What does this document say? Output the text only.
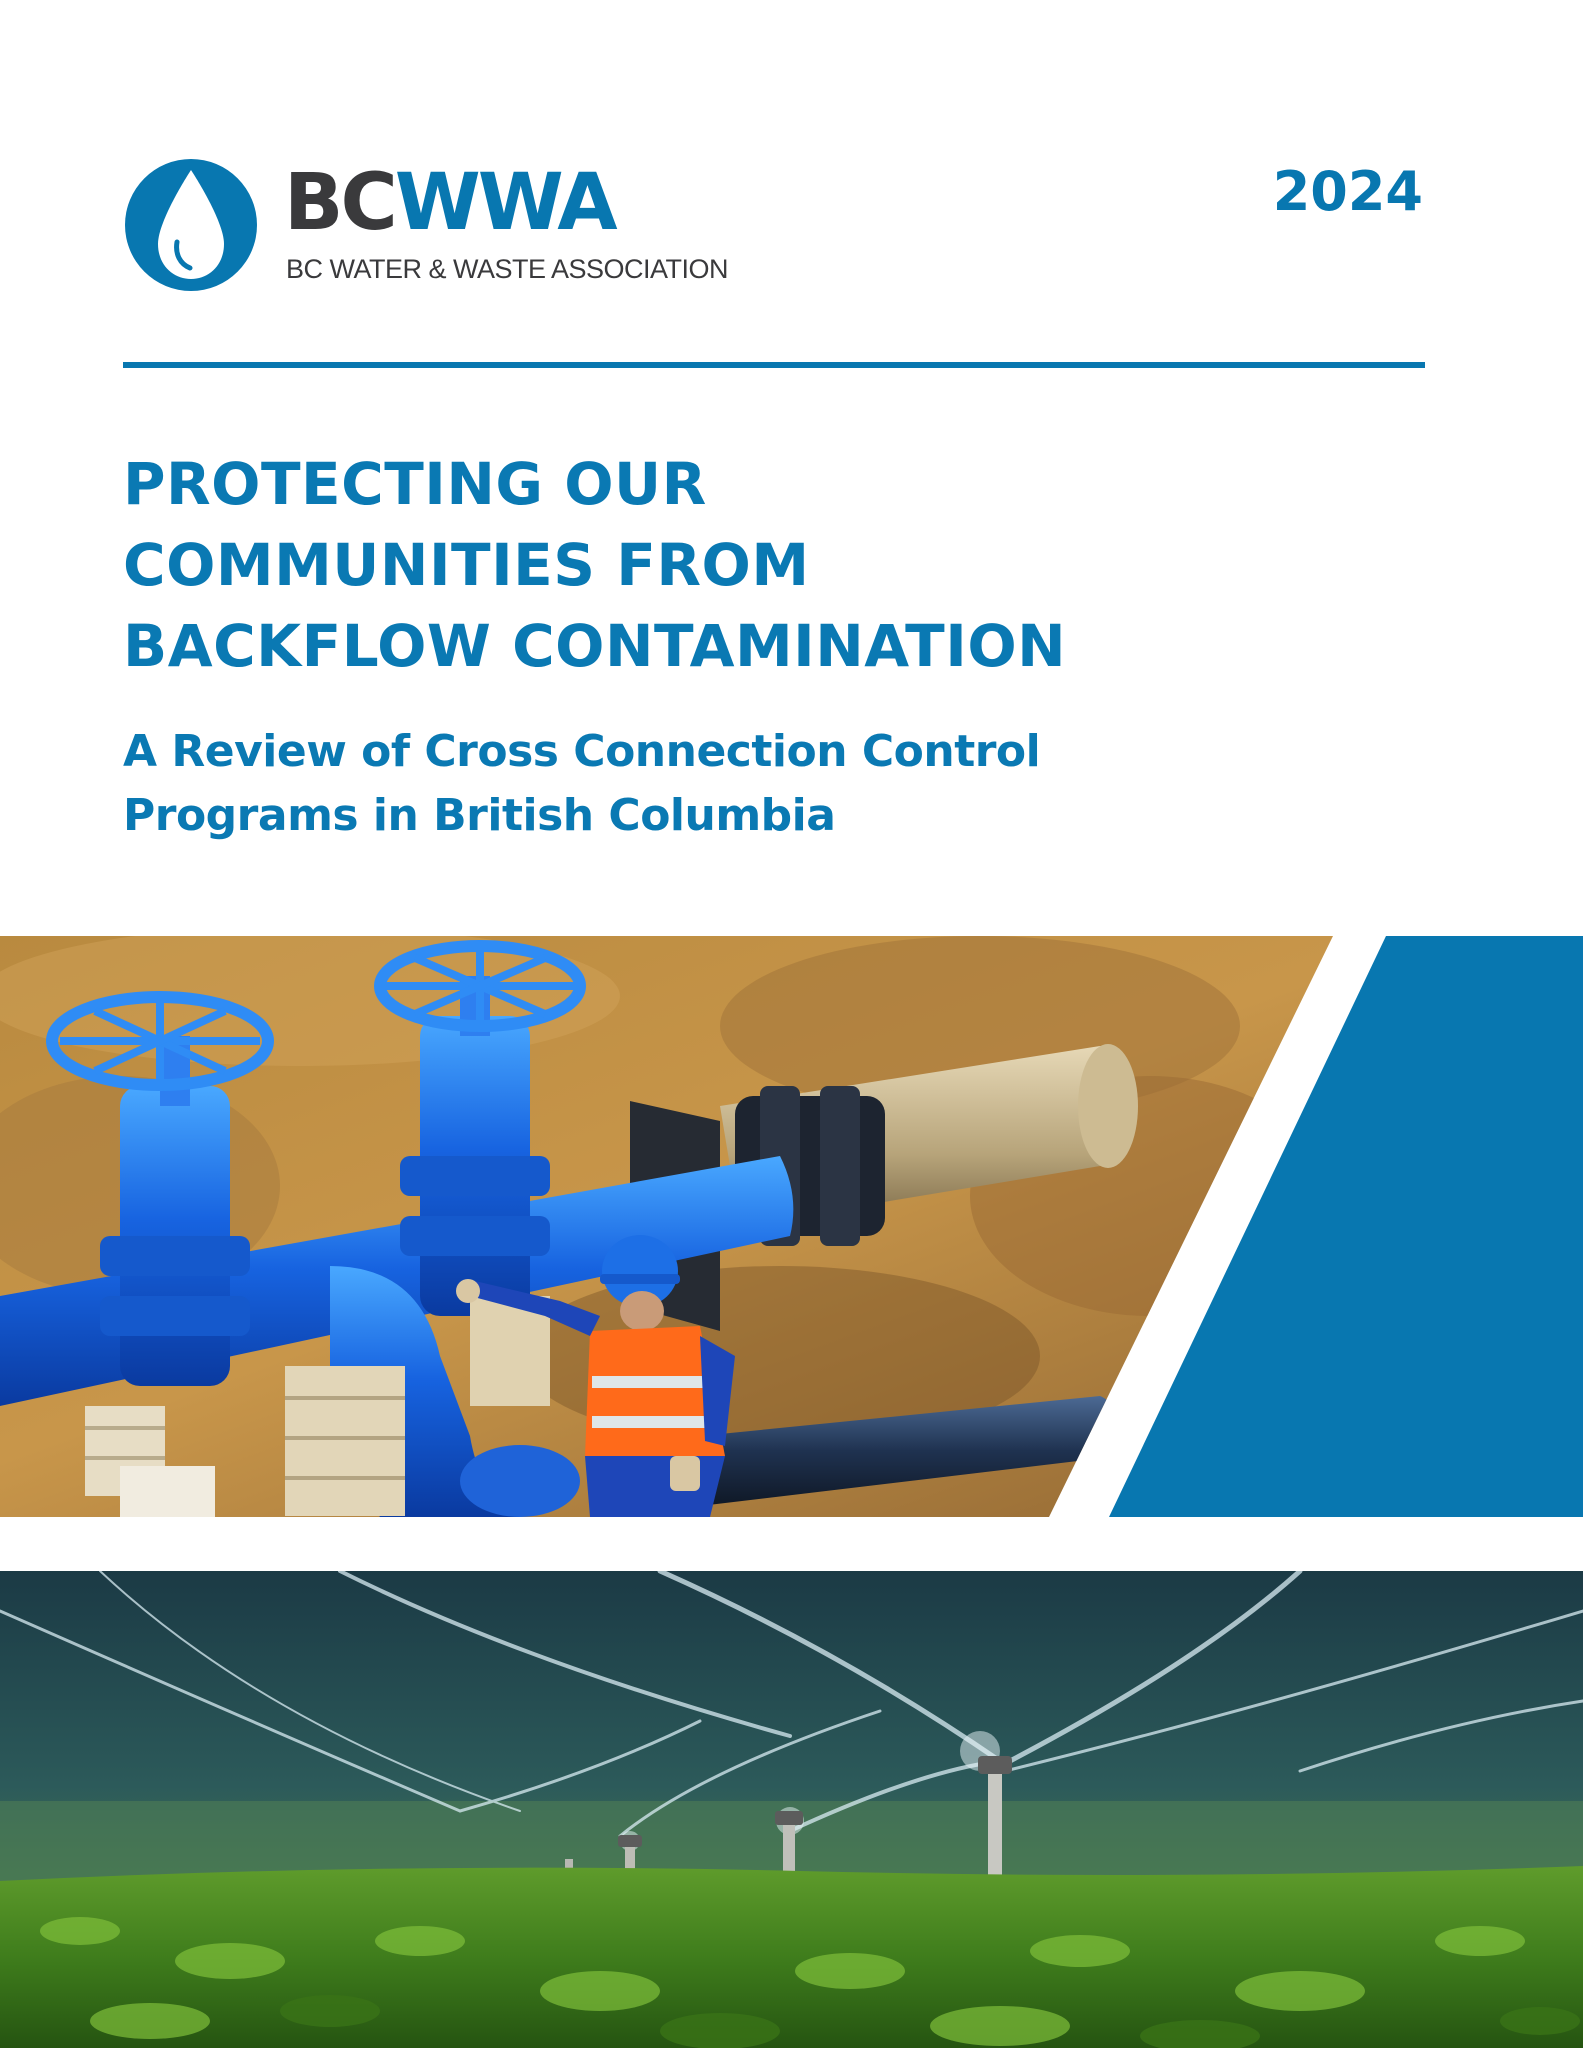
BCWWA
BC WATER & WASTE ASSOCIATION
2024
PROTECTING OUR
COMMUNITIES FROM
BACKFLOW CONTAMINATION
A Review of Cross Connection Control
Programs in British Columbia
